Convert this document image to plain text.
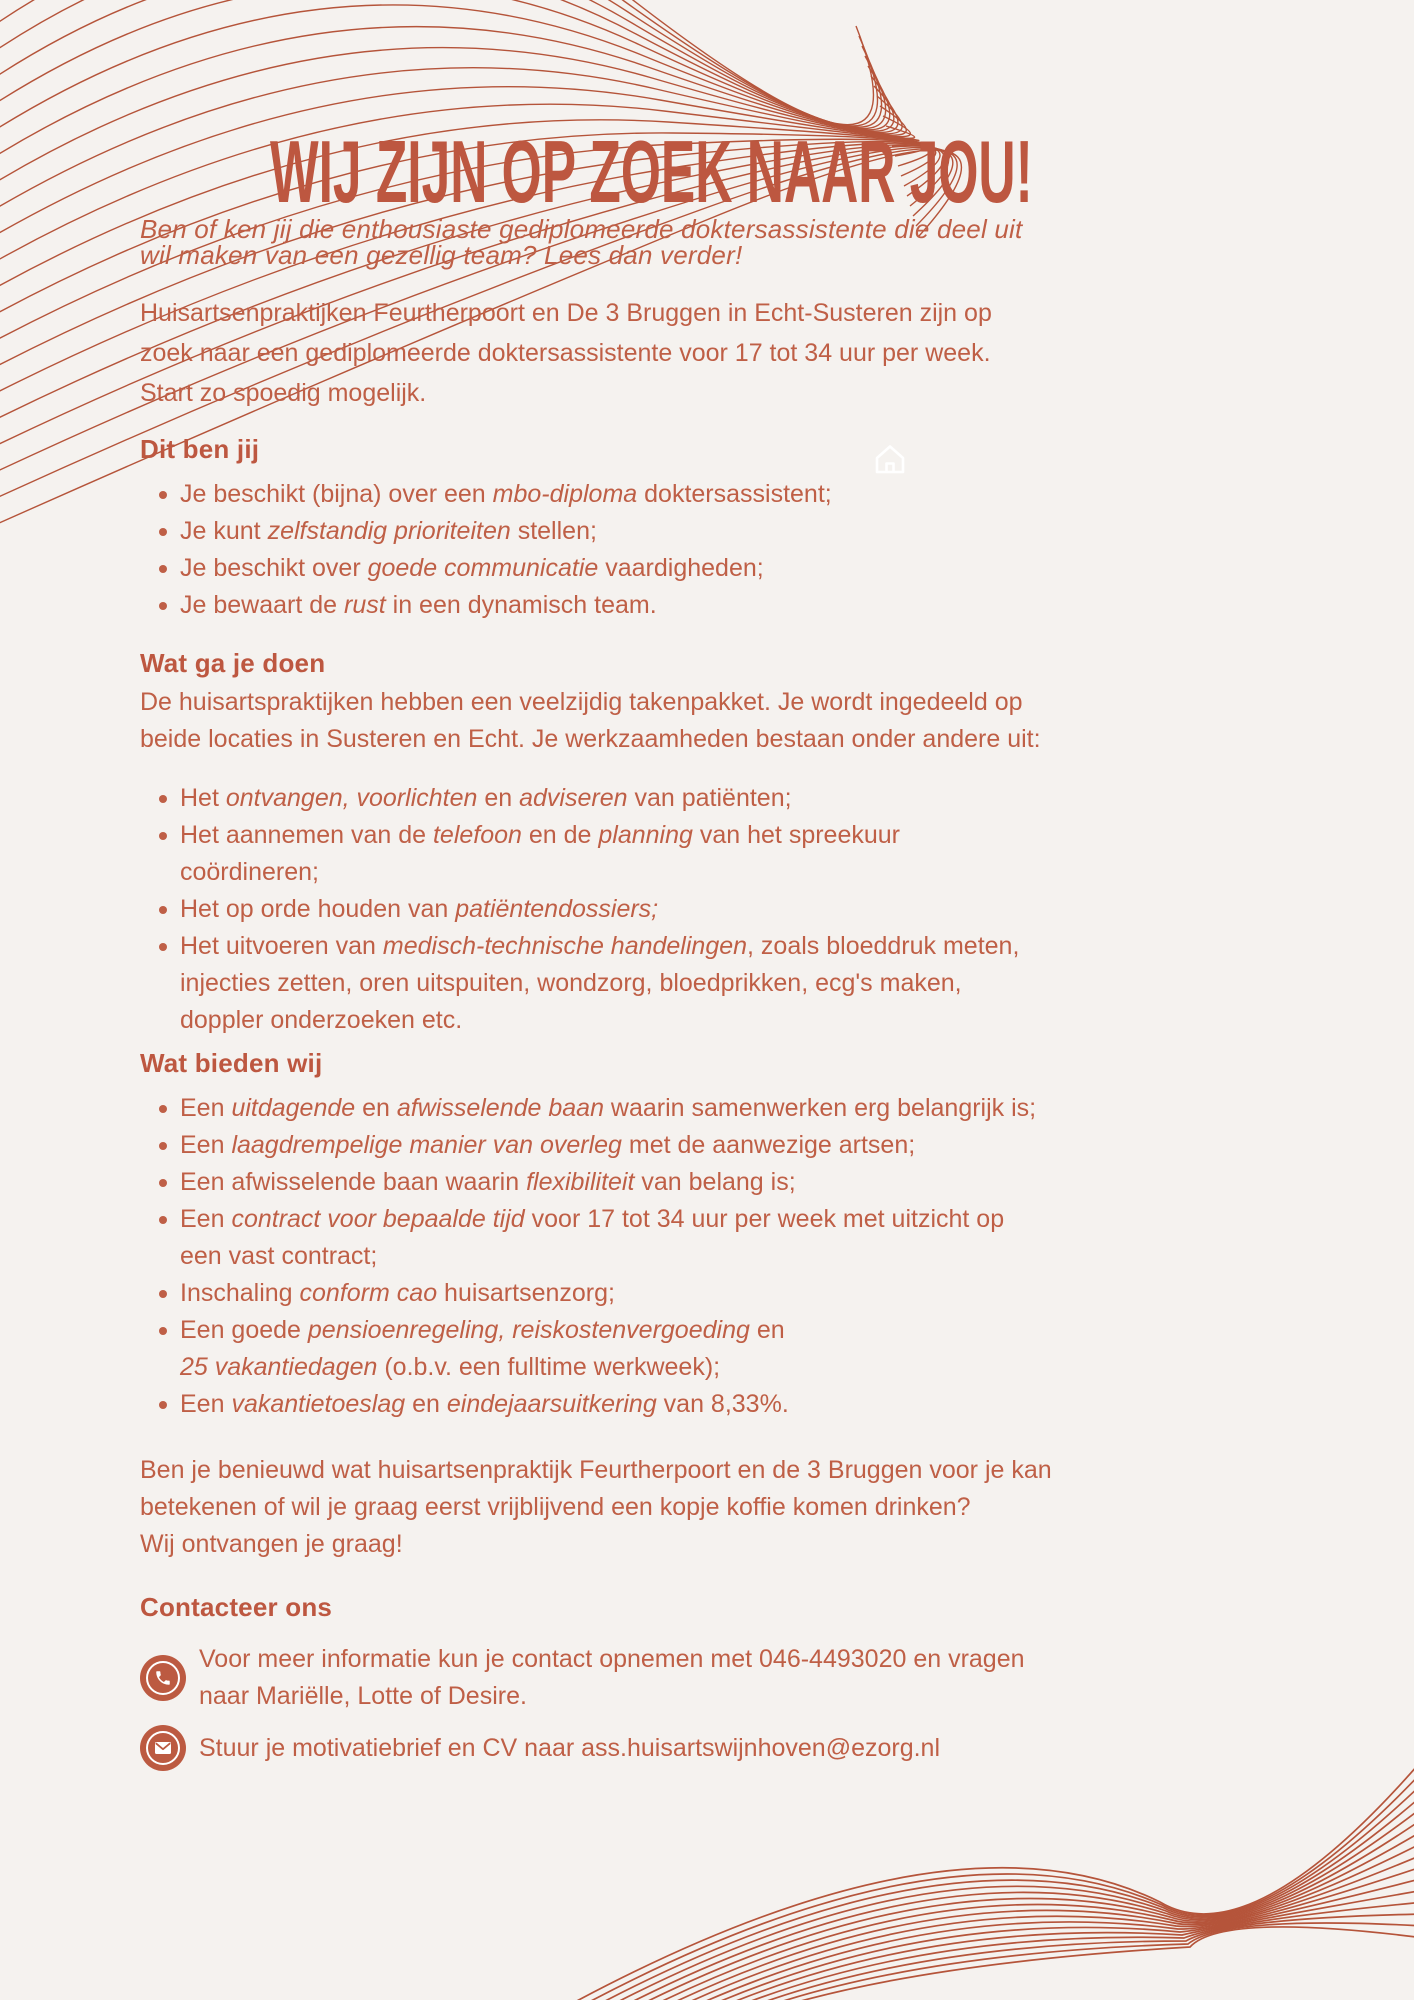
WIJ ZIJN OP ZOEK NAAR JOU!

Ben of ken jij die enthousiaste gediplomeerde doktersassistente die deel uit
wil maken van een gezellig team? Lees dan verder!

Huisartsenpraktijken Feurtherpoort en De 3 Bruggen in Echt-Susteren zijn op
zoek naar een gediplomeerde doktersassistente voor 17 tot 34 uur per week.
Start zo spoedig mogelijk.

Dit ben jij
Je beschikt (bijna) over een mbo-diploma doktersassistent;
Je kunt zelfstandig prioriteiten stellen;
Je beschikt over goede communicatie vaardigheden;
Je bewaart de rust in een dynamisch team.
Wat ga je doen

De huisartspraktijken hebben een veelzijdig takenpakket. Je wordt ingedeeld op
beide locaties in Susteren en Echt. Je werkzaamheden bestaan onder andere uit:

Het ontvangen, voorlichten en adviseren van patiënten;
Het aannemen van de telefoon en de planning van het spreekuur
coördineren;
Het op orde houden van patiëntendossiers;
Het uitvoeren van medisch-technische handelingen, zoals bloeddruk meten,
injecties zetten, oren uitspuiten, wondzorg, bloedprikken, ecg's maken,
doppler onderzoeken etc.
Wat bieden wij
Een uitdagende en afwisselende baan waarin samenwerken erg belangrijk is;
Een laagdrempelige manier van overleg met de aanwezige artsen;
Een afwisselende baan waarin flexibiliteit van belang is;
Een contract voor bepaalde tijd voor 17 tot 34 uur per week met uitzicht op
een vast contract;
Inschaling conform cao huisartsenzorg;
Een goede pensioenregeling, reiskostenvergoeding en
25 vakantiedagen (o.b.v. een fulltime werkweek);
Een vakantietoeslag en eindejaarsuitkering van 8,33%.

Ben je benieuwd wat huisartsenpraktijk Feurtherpoort en de 3 Bruggen voor je kan
betekenen of wil je graag eerst vrijblijvend een kopje koffie komen drinken?
Wij ontvangen je graag!

Contacteer ons

Voor meer informatie kun je contact opnemen met 046-4493020 en vragen
naar Mariëlle, Lotte of Desire.

Stuur je motivatiebrief en CV naar ass.huisartswijnhoven@ezorg.nl
